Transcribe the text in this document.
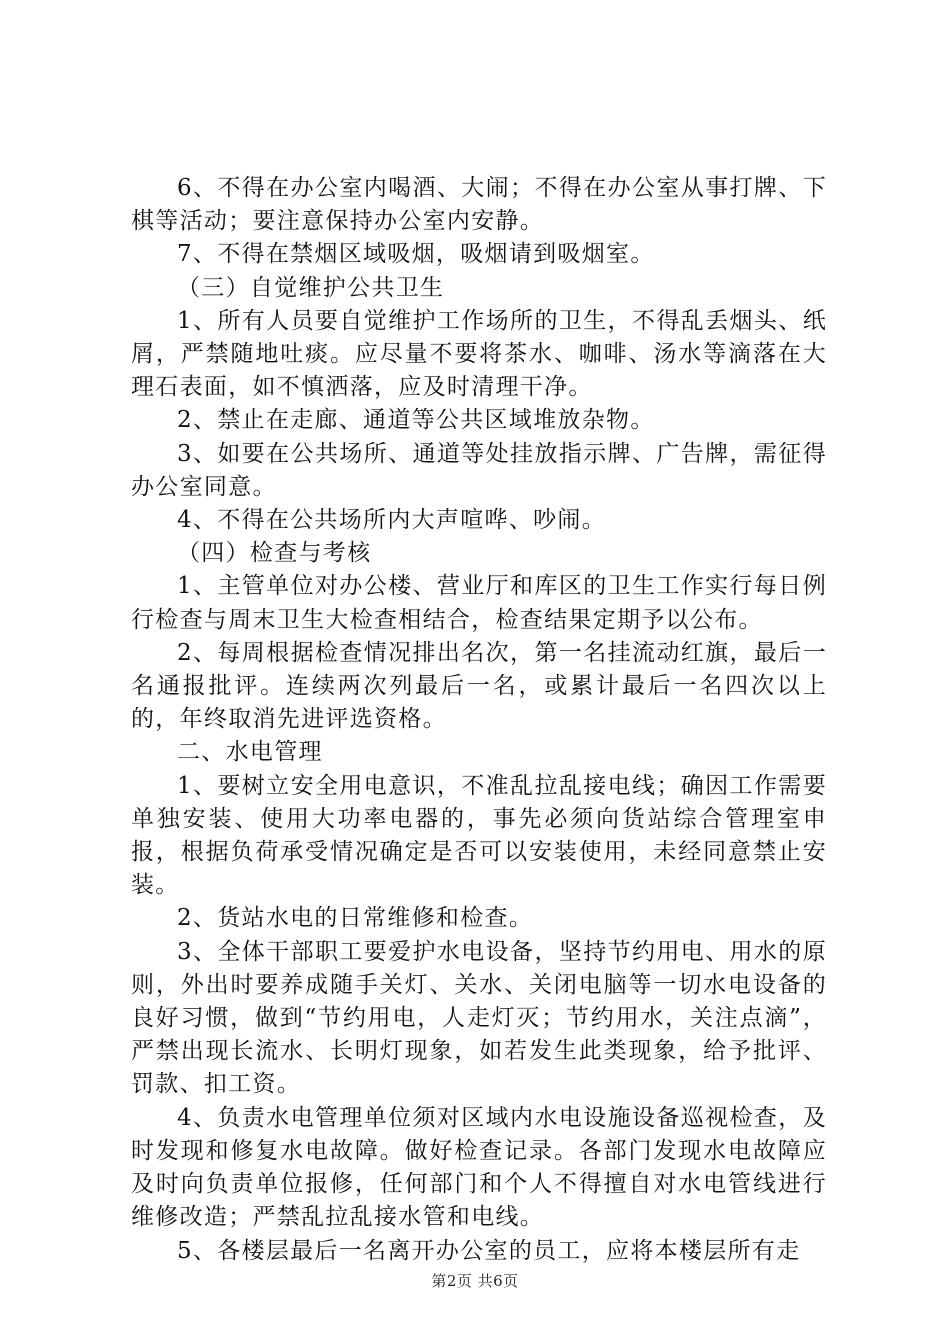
6、不得在办公室内喝酒、大闹；不得在办公室从事打牌、下棋等活动；要注意保持办公室内安静。

7、不得在禁烟区域吸烟，吸烟请到吸烟室。

（三）自觉维护公共卫生

1、所有人员要自觉维护工作场所的卫生，不得乱丢烟头、纸屑，严禁随地吐痰。应尽量不要将茶水、咖啡、汤水等滴落在大理石表面，如不慎洒落，应及时清理干净。

2、禁止在走廊、通道等公共区域堆放杂物。

3、如要在公共场所、通道等处挂放指示牌、广告牌，需征得办公室同意。

4、不得在公共场所内大声喧哗、吵闹。

（四）检查与考核

1、主管单位对办公楼、营业厅和库区的卫生工作实行每日例行检查与周末卫生大检查相结合，检查结果定期予以公布。

2、每周根据检查情况排出名次，第一名挂流动红旗，最后一名通报批评。连续两次列最后一名，或累计最后一名四次以上的，年终取消先进评选资格。

二、水电管理

1、要树立安全用电意识，不准乱拉乱接电线；确因工作需要单独安装、使用大功率电器的，事先必须向货站综合管理室申报，根据负荷承受情况确定是否可以安装使用，未经同意禁止安装。

2、货站水电的日常维修和检查。

3、全体干部职工要爱护水电设备，坚持节约用电、用水的原则，外出时要养成随手关灯、关水、关闭电脑等一切水电设备的良好习惯，做到“节约用电，人走灯灭；节约用水，关注点滴”，严禁出现长流水、长明灯现象，如若发生此类现象，给予批评、罚款、扣工资。

4、负责水电管理单位须对区域内水电设施设备巡视检查，及时发现和修复水电故障。做好检查记录。各部门发现水电故障应及时向负责单位报修，任何部门和个人不得擅自对水电管线进行维修改造；严禁乱拉乱接水管和电线。

5、各楼层最后一名离开办公室的员工，应将本楼层所有走

第2页 共6页
